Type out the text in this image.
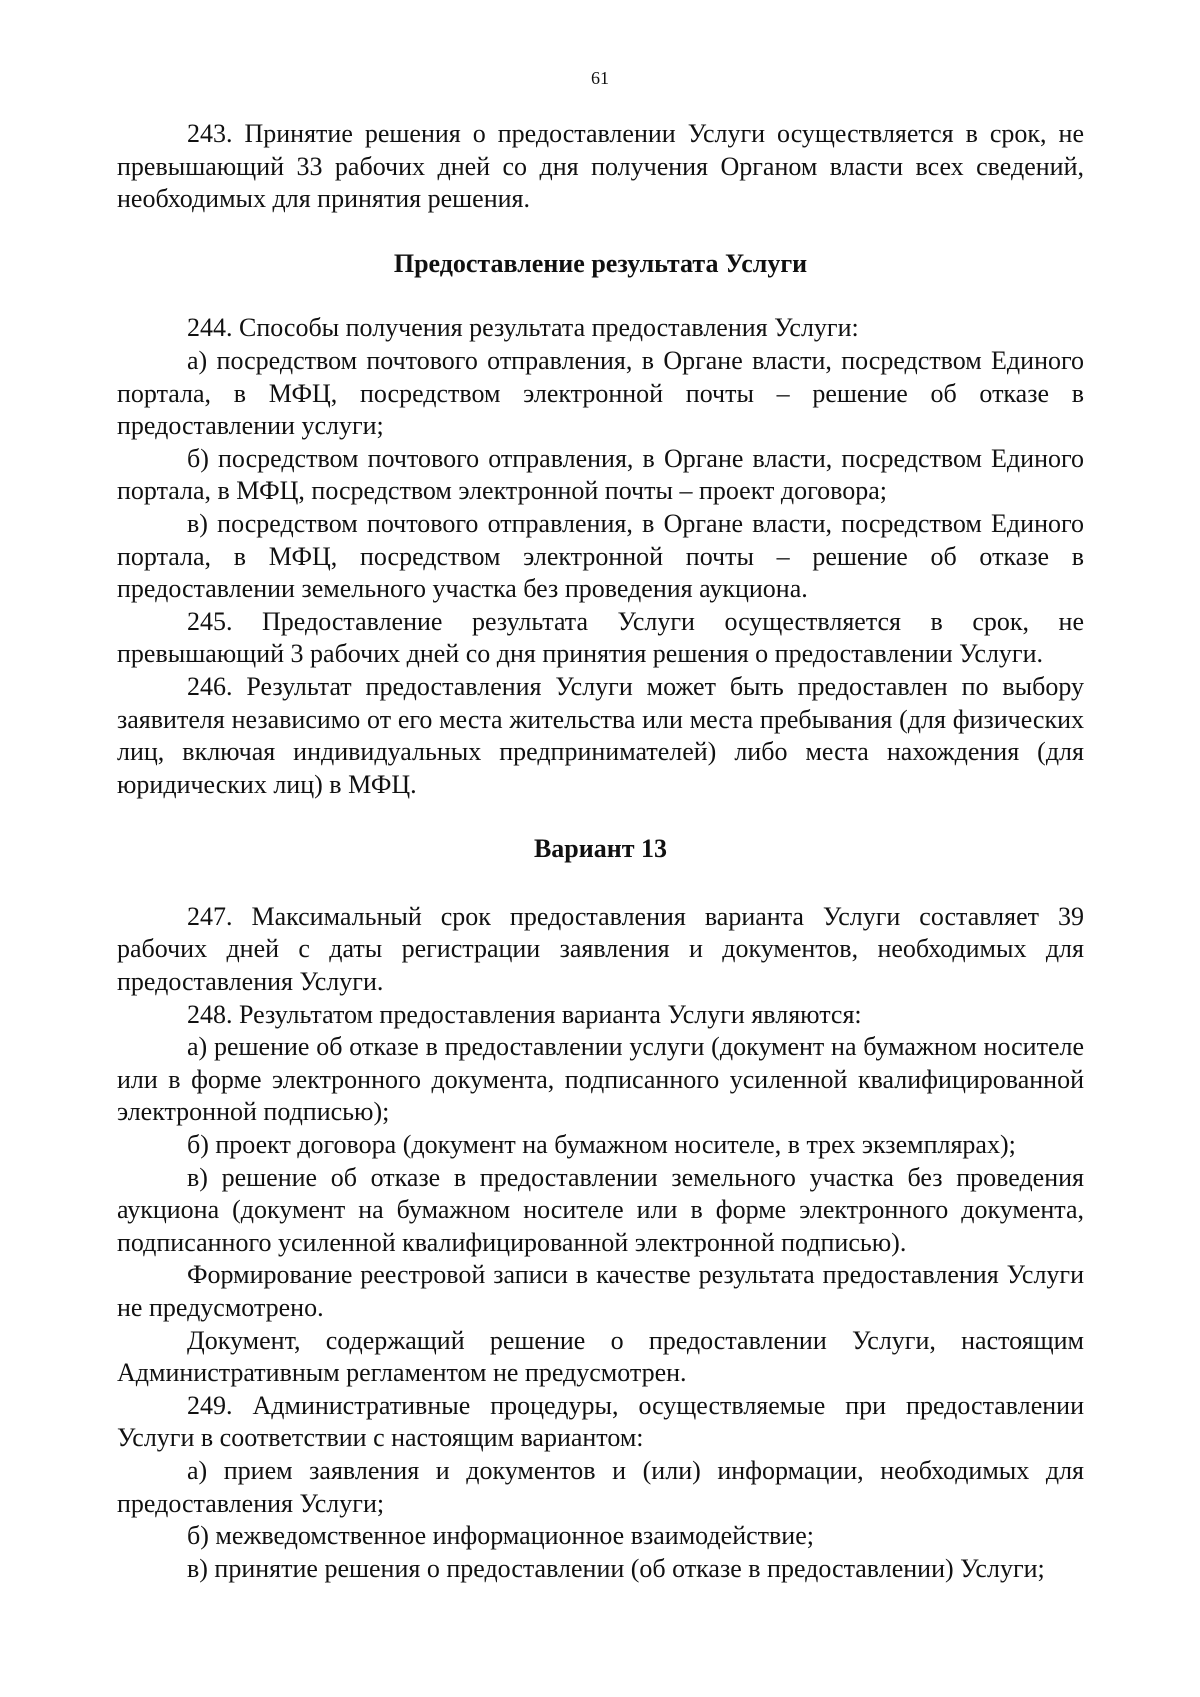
61

243. Принятие решения о предоставлении Услуги осуществляется в срок, не превышающий 33 рабочих дней со дня получения Органом власти всех сведений, необходимых для принятия решения.

Предоставление результата Услуги

244. Способы получения результата предоставления Услуги:

а) посредством почтового отправления, в Органе власти, посредством Единого портала, в МФЦ, посредством электронной почты – решение об отказе в предоставлении услуги;

б) посредством почтового отправления, в Органе власти, посредством Единого портала, в МФЦ, посредством электронной почты – проект договора;

в) посредством почтового отправления, в Органе власти, посредством Единого портала, в МФЦ, посредством электронной почты – решение об отказе в предоставлении земельного участка без проведения аукциона.

245. Предоставление результата Услуги осуществляется в срок, не превышающий 3 рабочих дней со дня принятия решения о предоставлении Услуги.

246. Результат предоставления Услуги может быть предоставлен по выбору заявителя независимо от его места жительства или места пребывания (для физических лиц, включая индивидуальных предпринимателей) либо места нахождения (для юридических лиц) в МФЦ.

Вариант 13

247. Максимальный срок предоставления варианта Услуги составляет 39 рабочих дней с даты регистрации заявления и документов, необходимых для предоставления Услуги.

248. Результатом предоставления варианта Услуги являются:

а) решение об отказе в предоставлении услуги (документ на бумажном носителе или в форме электронного документа, подписанного усиленной квалифицированной электронной подписью);

б) проект договора (документ на бумажном носителе, в трех экземплярах);

в) решение об отказе в предоставлении земельного участка без проведения аукциона (документ на бумажном носителе или в форме электронного документа, подписанного усиленной квалифицированной электронной подписью).

Формирование реестровой записи в качестве результата предоставления Услуги не предусмотрено.

Документ, содержащий решение о предоставлении Услуги, настоящим Административным регламентом не предусмотрен.

249. Административные процедуры, осуществляемые при предоставлении Услуги в соответствии с настоящим вариантом:

а) прием заявления и документов и (или) информации, необходимых для предоставления Услуги;

б) межведомственное информационное взаимодействие;

в) принятие решения о предоставлении (об отказе в предоставлении) Услуги;
